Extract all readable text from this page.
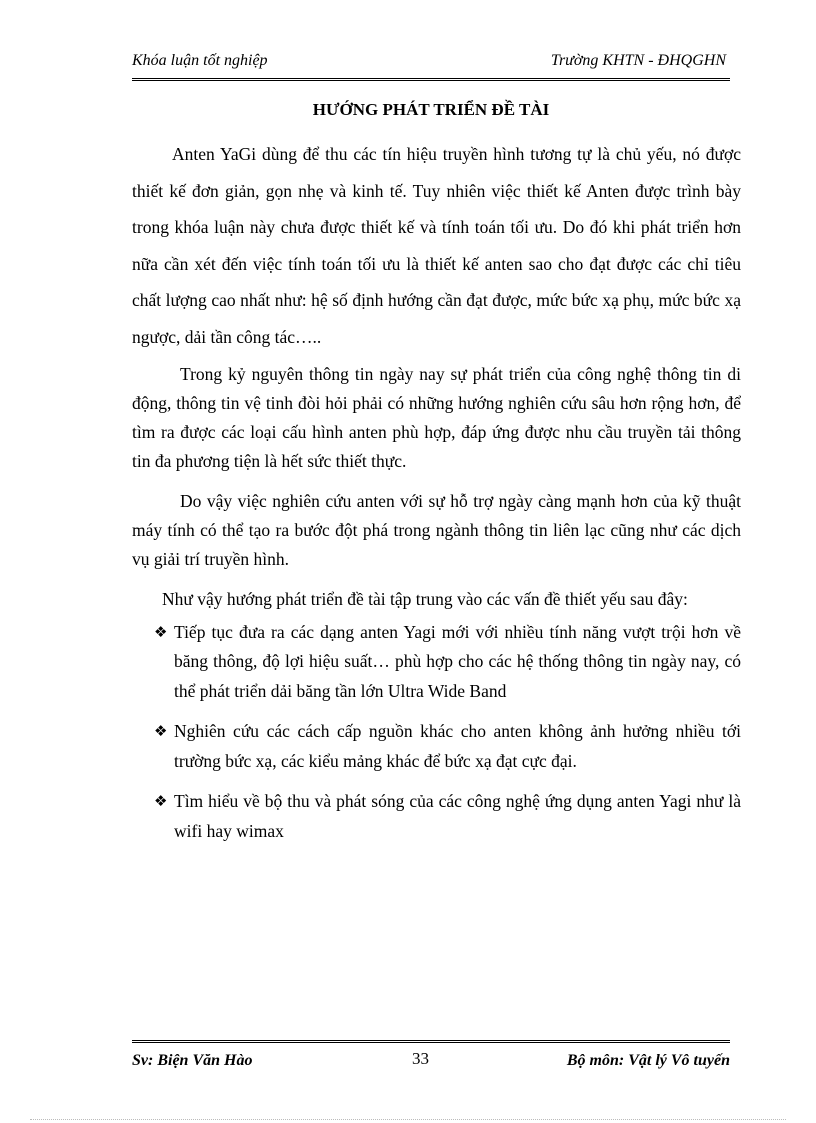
Khóa luận tốt nghiệp	Trường KHTN - ĐHQGHN
HƯỚNG PHÁT TRIỂN ĐỀ TÀI

Anten YaGi dùng để thu các tín hiệu truyền hình tương tự là chủ yếu, nó được thiết kế đơn giản, gọn nhẹ và kinh tế. Tuy nhiên việc thiết kế Anten được trình bày trong khóa luận này chưa được thiết kế và tính toán tối ưu. Do đó khi phát triển hơn nữa cần xét đến việc tính toán tối ưu là thiết kế anten sao cho đạt được các chỉ tiêu chất lượng cao nhất như: hệ số định hướng cần đạt được, mức bức xạ phụ, mức bức xạ ngược, dải tần công tác…..

Trong kỷ nguyên thông tin ngày nay sự phát triển của công nghệ thông tin di động, thông tin vệ tinh đòi hỏi phải có những hướng nghiên cứu sâu hơn rộng hơn, để tìm ra được các loại cấu hình anten phù hợp, đáp ứng được nhu cầu truyền tải thông tin đa phương tiện là hết sức thiết thực.

Do vậy việc nghiên cứu anten với sự hỗ trợ ngày càng mạnh hơn của kỹ thuật máy tính có thể tạo ra bước đột phá trong ngành thông tin liên lạc cũng như các dịch vụ giải trí truyền hình.

Như vậy hướng phát triển đề tài tập trung vào các vấn đề thiết yếu sau đây:

❖ Tiếp tục đưa ra các dạng anten Yagi mới với nhiều tính năng vượt trội hơn về băng thông, độ lợi hiệu suất… phù hợp cho các hệ thống thông tin ngày nay, có thể phát triển dải băng tần lớn Ultra Wide Band
❖ Nghiên cứu các cách cấp nguồn khác cho anten không ảnh hưởng nhiều tới trường bức xạ, các kiểu mảng khác để bức xạ đạt cực đại.
❖ Tìm hiểu về bộ thu và phát sóng của các công nghệ ứng dụng anten Yagi như là wifi hay wimax
Sv: Biện Văn Hào	33	Bộ môn: Vật lý Vô tuyến
